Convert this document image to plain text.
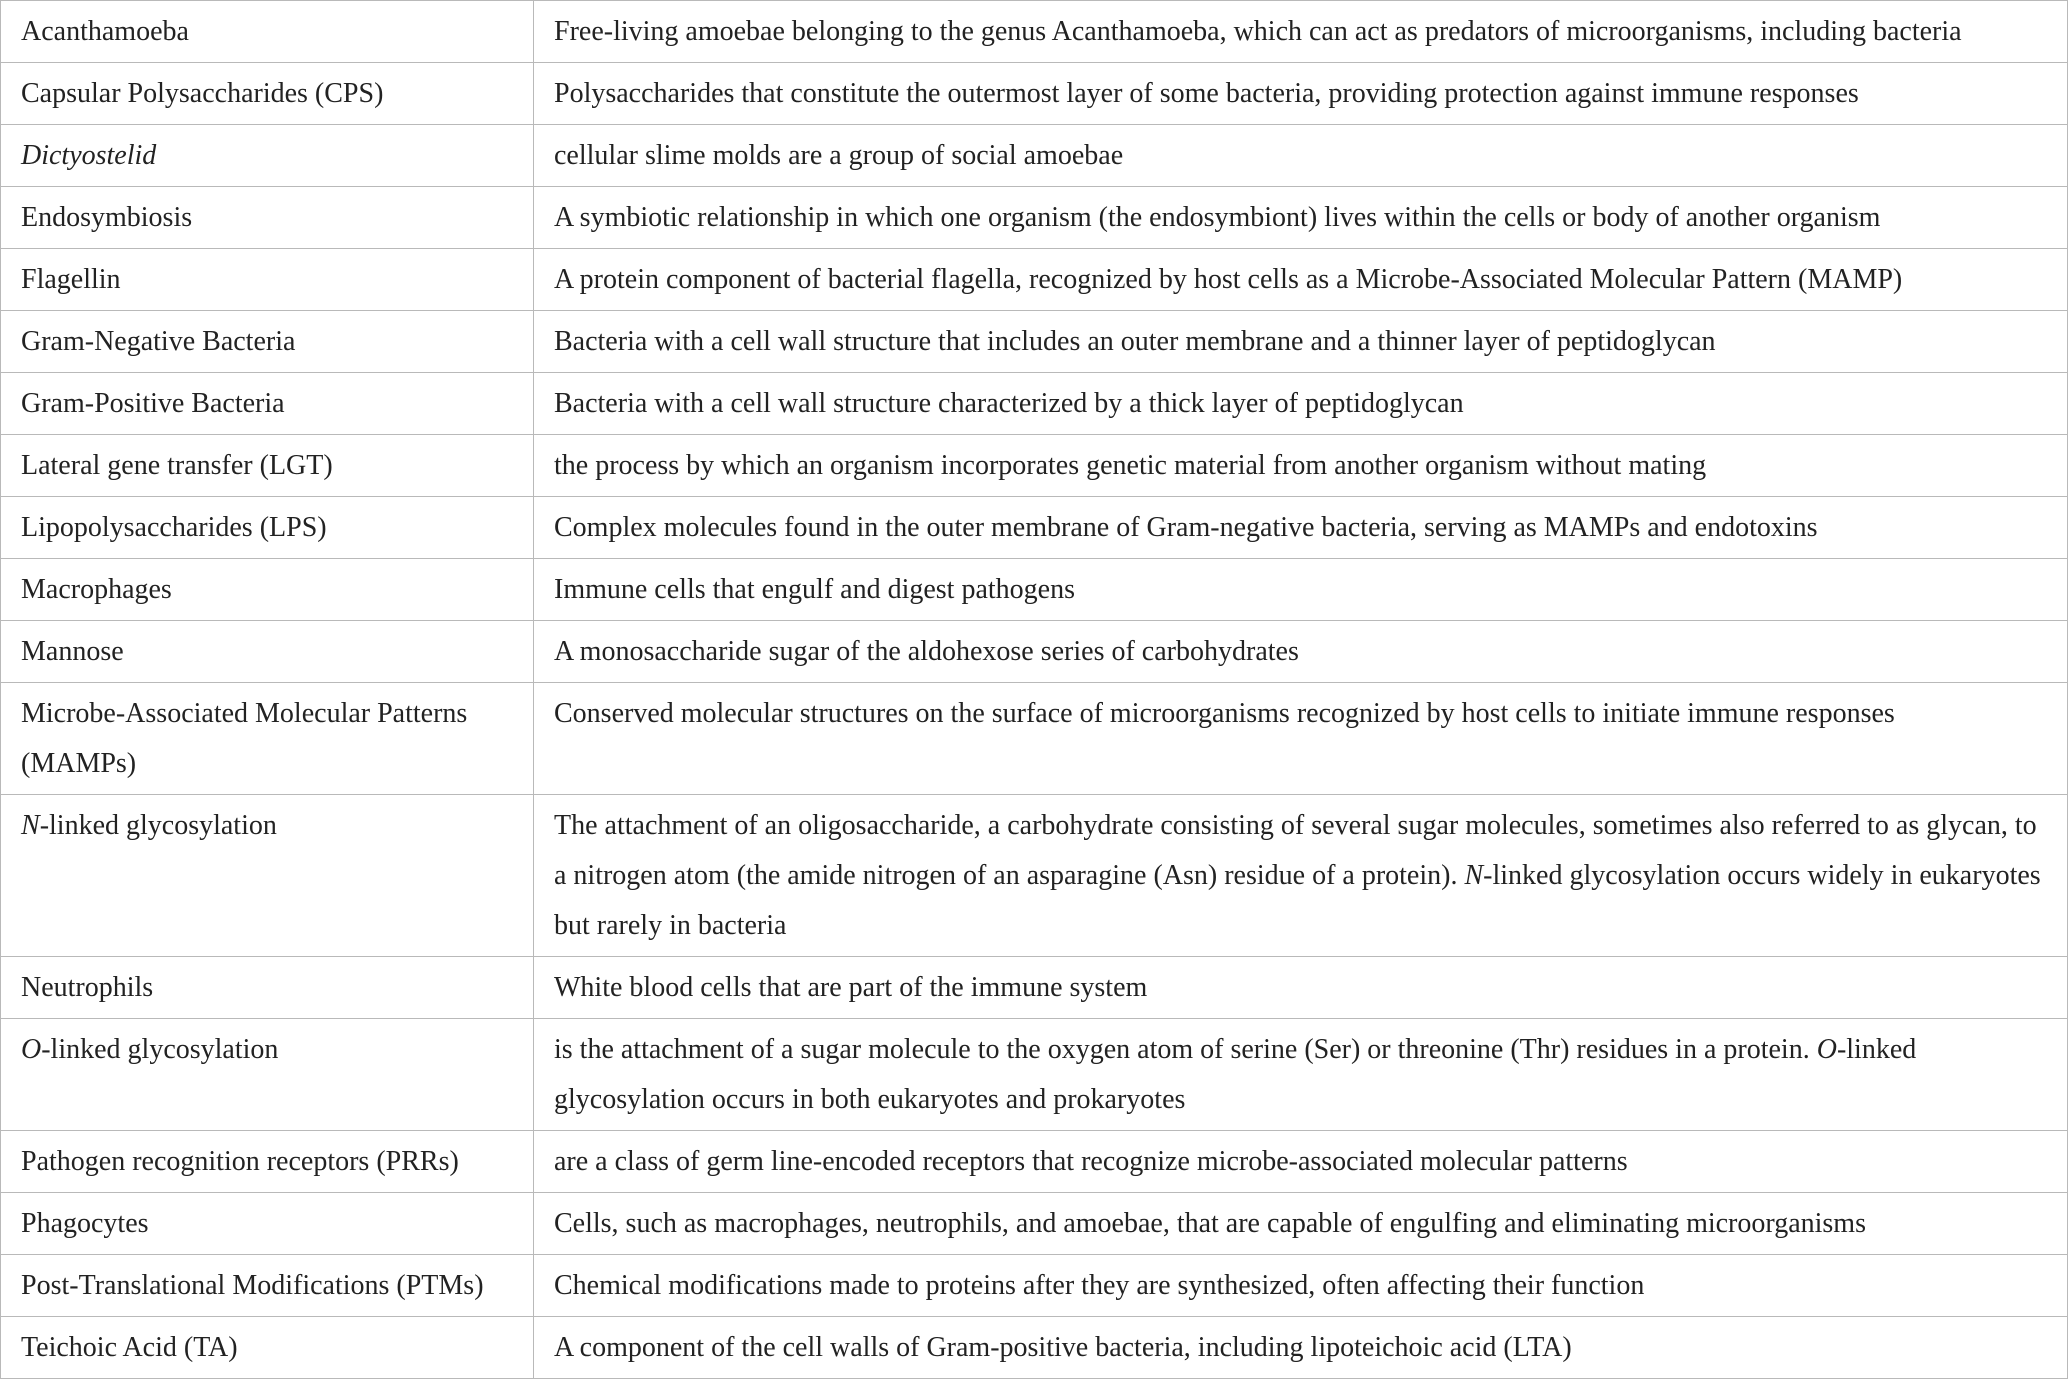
Acanthamoeba	Free-living amoebae belonging to the genus Acanthamoeba, which can act as predators of microorganisms, including bacteria
Capsular Polysaccharides (CPS)	Polysaccharides that constitute the outermost layer of some bacteria, providing protection against immune responses
Dictyostelid	cellular slime molds are a group of social amoebae
Endosymbiosis	A symbiotic relationship in which one organism (the endosymbiont) lives within the cells or body of another organism
Flagellin	A protein component of bacterial flagella, recognized by host cells as a Microbe-Associated Molecular Pattern (MAMP)
Gram-Negative Bacteria	Bacteria with a cell wall structure that includes an outer membrane and a thinner layer of peptidoglycan
Gram-Positive Bacteria	Bacteria with a cell wall structure characterized by a thick layer of peptidoglycan
Lateral gene transfer (LGT)	the process by which an organism incorporates genetic material from another organism without mating
Lipopolysaccharides (LPS)	Complex molecules found in the outer membrane of Gram-negative bacteria, serving as MAMPs and endotoxins
Macrophages	Immune cells that engulf and digest pathogens
Mannose	A monosaccharide sugar of the aldohexose series of carbohydrates
Microbe-Associated Molecular Patterns (MAMPs)	Conserved molecular structures on the surface of microorganisms recognized by host cells to initiate immune responses
N-linked glycosylation	The attachment of an oligosaccharide, a carbohydrate consisting of several sugar molecules, sometimes also referred to as glycan, to a nitrogen atom (the amide nitrogen of an asparagine (Asn) residue of a protein). N-linked glycosylation occurs widely in eukaryotes but rarely in bacteria
Neutrophils	White blood cells that are part of the immune system
O-linked glycosylation	is the attachment of a sugar molecule to the oxygen atom of serine (Ser) or threonine (Thr) residues in a protein. O-linked glycosylation occurs in both eukaryotes and prokaryotes
Pathogen recognition receptors (PRRs)	are a class of germ line-encoded receptors that recognize microbe-associated molecular patterns
Phagocytes	Cells, such as macrophages, neutrophils, and amoebae, that are capable of engulfing and eliminating microorganisms
Post-Translational Modifications (PTMs)	Chemical modifications made to proteins after they are synthesized, often affecting their function
Teichoic Acid (TA)	A component of the cell walls of Gram-positive bacteria, including lipoteichoic acid (LTA)
